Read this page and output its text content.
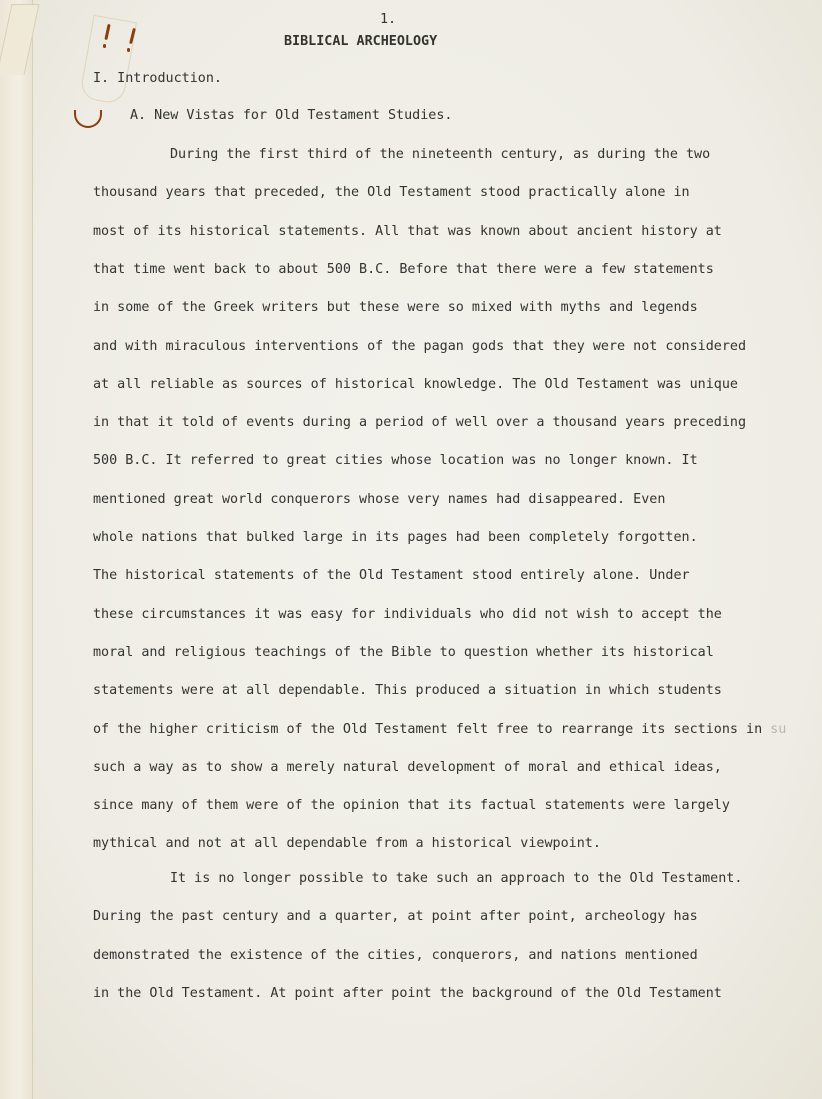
1.
BIBLICAL ARCHEOLOGY
I. Introduction.
A. New Vistas for Old Testament Studies.
During the first third of the nineteenth century, as during the two
thousand years that preceded, the Old Testament stood practically alone in
most of its historical statements. All that was known about ancient history at
that time went back to about 500 B.C. Before that there were a few statements
in some of the Greek writers but these were so mixed with myths and legends
and with miraculous interventions of the pagan gods that they were not considered
at all reliable as sources of historical knowledge. The Old Testament was unique
in that it told of events during a period of well over a thousand years preceding
500 B.C. It referred to great cities whose location was no longer known. It
mentioned great world conquerors whose very names had disappeared. Even
whole nations that bulked large in its pages had been completely forgotten.
The historical statements of the Old Testament stood entirely alone. Under
these circumstances it was easy for individuals who did not wish to accept the
moral and religious teachings of the Bible to question whether its historical
statements were at all dependable. This produced a situation in which students
of the higher criticism of the Old Testament felt free to rearrange its sections in su
such a way as to show a merely natural development of moral and ethical ideas,
since many of them were of the opinion that its factual statements were largely
mythical and not at all dependable from a historical viewpoint.
It is no longer possible to take such an approach to the Old Testament.
During the past century and a quarter, at point after point, archeology has
demonstrated the existence of the cities, conquerors, and nations mentioned
in the Old Testament. At point after point the background of the Old Testament
